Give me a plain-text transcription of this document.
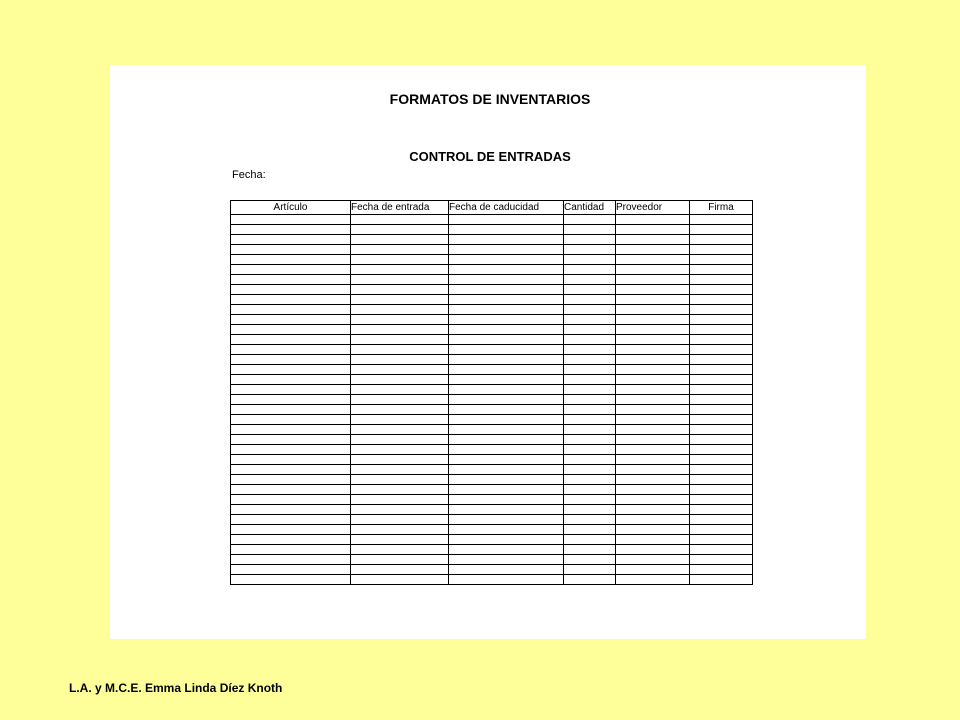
FORMATOS DE INVENTARIOS
CONTROL DE ENTRADAS
Fecha:
Artículo	Fecha de entrada	Fecha de caducidad	Cantidad	Proveedor	Firma

L.A. y M.C.E. Emma Linda Díez Knoth
